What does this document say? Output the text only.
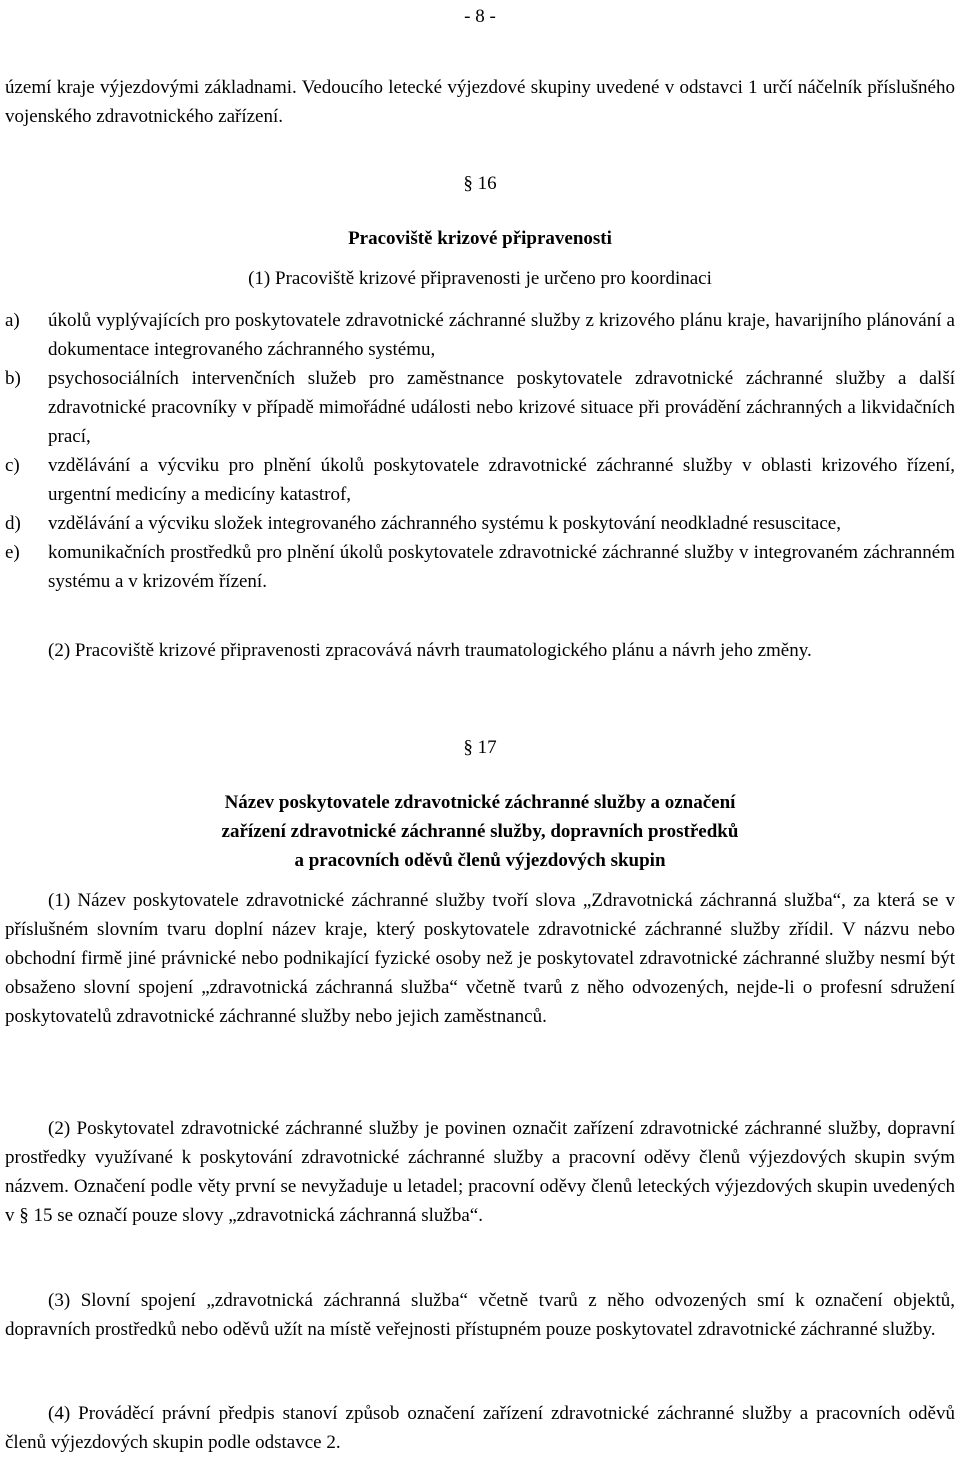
- 8 -
území kraje výjezdovými základnami. Vedoucího letecké výjezdové skupiny uvedené v odstavci 1 určí náčelník příslušného vojenského zdravotnického zařízení.
§ 16
Pracoviště krizové připravenosti
(1) Pracoviště krizové připravenosti je určeno pro koordinaci
a)	úkolů vyplývajících pro poskytovatele zdravotnické záchranné služby z krizového plánu kraje, havarijního plánování a dokumentace integrovaného záchranného systému,
b)	psychosociálních intervenčních služeb pro zaměstnance poskytovatele zdravotnické záchranné služby a další zdravotnické pracovníky v případě mimořádné události nebo krizové situace při provádění záchranných a likvidačních prací,
c)	vzdělávání a výcviku pro plnění úkolů poskytovatele zdravotnické záchranné služby v oblasti krizového řízení, urgentní medicíny a medicíny katastrof,
d)	vzdělávání a výcviku složek integrovaného záchranného systému k poskytování neodkladné resuscitace,
e)	komunikačních prostředků pro plnění úkolů poskytovatele zdravotnické záchranné služby v integrovaném záchranném systému a v krizovém řízení.
(2) Pracoviště krizové připravenosti zpracovává návrh traumatologického plánu a návrh jeho změny.
§ 17
Název poskytovatele zdravotnické záchranné služby a označení
zařízení zdravotnické záchranné služby, dopravních prostředků
a pracovních oděvů členů výjezdových skupin
(1) Název poskytovatele zdravotnické záchranné služby tvoří slova „Zdravotnická záchranná služba“, za která se v příslušném slovním tvaru doplní název kraje, který poskytovatele zdravotnické záchranné služby zřídil. V názvu nebo obchodní firmě jiné právnické nebo podnikající fyzické osoby než je poskytovatel zdravotnické záchranné služby nesmí být obsaženo slovní spojení „zdravotnická záchranná služba“ včetně tvarů z něho odvozených, nejde-li o profesní sdružení poskytovatelů zdravotnické záchranné služby nebo jejich zaměstnanců.
(2) Poskytovatel zdravotnické záchranné služby je povinen označit zařízení zdravotnické záchranné služby, dopravní prostředky využívané k poskytování zdravotnické záchranné služby a pracovní oděvy členů výjezdových skupin svým názvem. Označení podle věty první se nevyžaduje u letadel; pracovní oděvy členů leteckých výjezdových skupin uvedených v § 15 se označí pouze slovy „zdravotnická záchranná služba“.
(3) Slovní spojení „zdravotnická záchranná služba“ včetně tvarů z něho odvozených smí k označení objektů, dopravních prostředků nebo oděvů užít na místě veřejnosti přístupném pouze poskytovatel zdravotnické záchranné služby.
(4) Prováděcí právní předpis stanoví způsob označení zařízení zdravotnické záchranné služby a pracovních oděvů členů výjezdových skupin podle odstavce 2.
